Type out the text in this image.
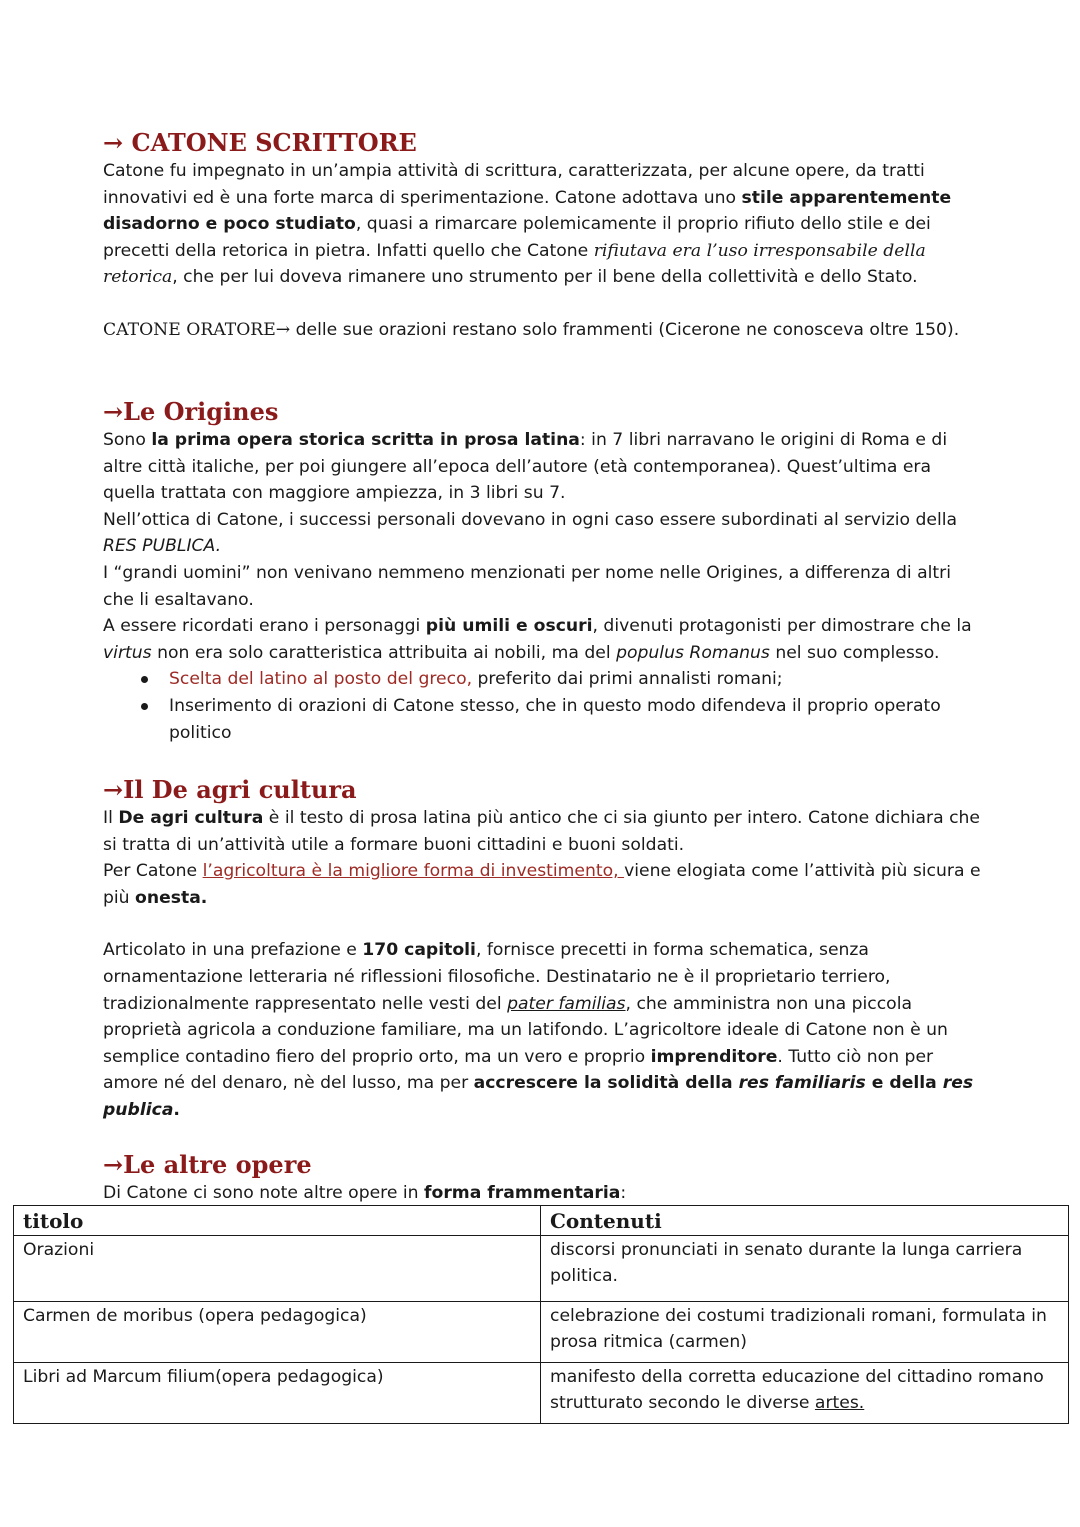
→ CATONE SCRITTORE

Catone fu impegnato in un’ampia attività di scrittura, caratterizzata, per alcune opere, da tratti innovativi ed è una forte marca di sperimentazione. Catone adottava uno stile apparentemente disadorno e poco studiato, quasi a rimarcare polemicamente il proprio rifiuto dello stile e dei precetti della retorica in pietra. Infatti quello che Catone rifiutava era l’uso irresponsabile della retorica, che per lui doveva rimanere uno strumento per il bene della collettività e dello Stato.

CATONE ORATORE→ delle sue orazioni restano solo frammenti (Cicerone ne conosceva oltre 150).

→Le Origines

Sono la prima opera storica scritta in prosa latina: in 7 libri narravano le origini di Roma e di altre città italiche, per poi giungere all’epoca dell’autore (età contemporanea). Quest’ultima era quella trattata con maggiore ampiezza, in 3 libri su 7.

Nell’ottica di Catone, i successi personali dovevano in ogni caso essere subordinati al servizio della RES PUBLICA.

I “grandi uomini” non venivano nemmeno menzionati per nome nelle Origines, a differenza di altri che li esaltavano.

A essere ricordati erano i personaggi più umili e oscuri, divenuti protagonisti per dimostrare che la virtus non era solo caratteristica attribuita ai nobili, ma del populus Romanus nel suo complesso.

Scelta del latino al posto del greco, preferito dai primi annalisti romani;
Inserimento di orazioni di Catone stesso, che in questo modo difendeva il proprio operato politico
→Il De agri cultura

Il De agri cultura è il testo di prosa latina più antico che ci sia giunto per intero. Catone dichiara che si tratta di un’attività utile a formare buoni cittadini e buoni soldati.

Per Catone l’agricoltura è la migliore forma di investimento, viene elogiata come l’attività più sicura e più onesta.

Articolato in una prefazione e 170 capitoli, fornisce precetti in forma schematica, senza ornamentazione letteraria né riflessioni filosofiche. Destinatario ne è il proprietario terriero, tradizionalmente rappresentato nelle vesti del pater familias, che amministra non una piccola proprietà agricola a conduzione familiare, ma un latifondo. L’agricoltore ideale di Catone non è un semplice contadino fiero del proprio orto, ma un vero e proprio imprenditore. Tutto ciò non per amore né del denaro, nè del lusso, ma per accrescere la solidità della res familiaris e della res publica.

→Le altre opere

Di Catone ci sono note altre opere in forma frammentaria:

titolo	Contenuti
Orazioni	discorsi pronunciati in senato durante la lunga carriera politica.
Carmen de moribus (opera pedagogica)	celebrazione dei costumi tradizionali romani, formulata in prosa ritmica (carmen)
Libri ad Marcum filium(opera pedagogica)	manifesto della corretta educazione del cittadino romano strutturato secondo le diverse artes.
